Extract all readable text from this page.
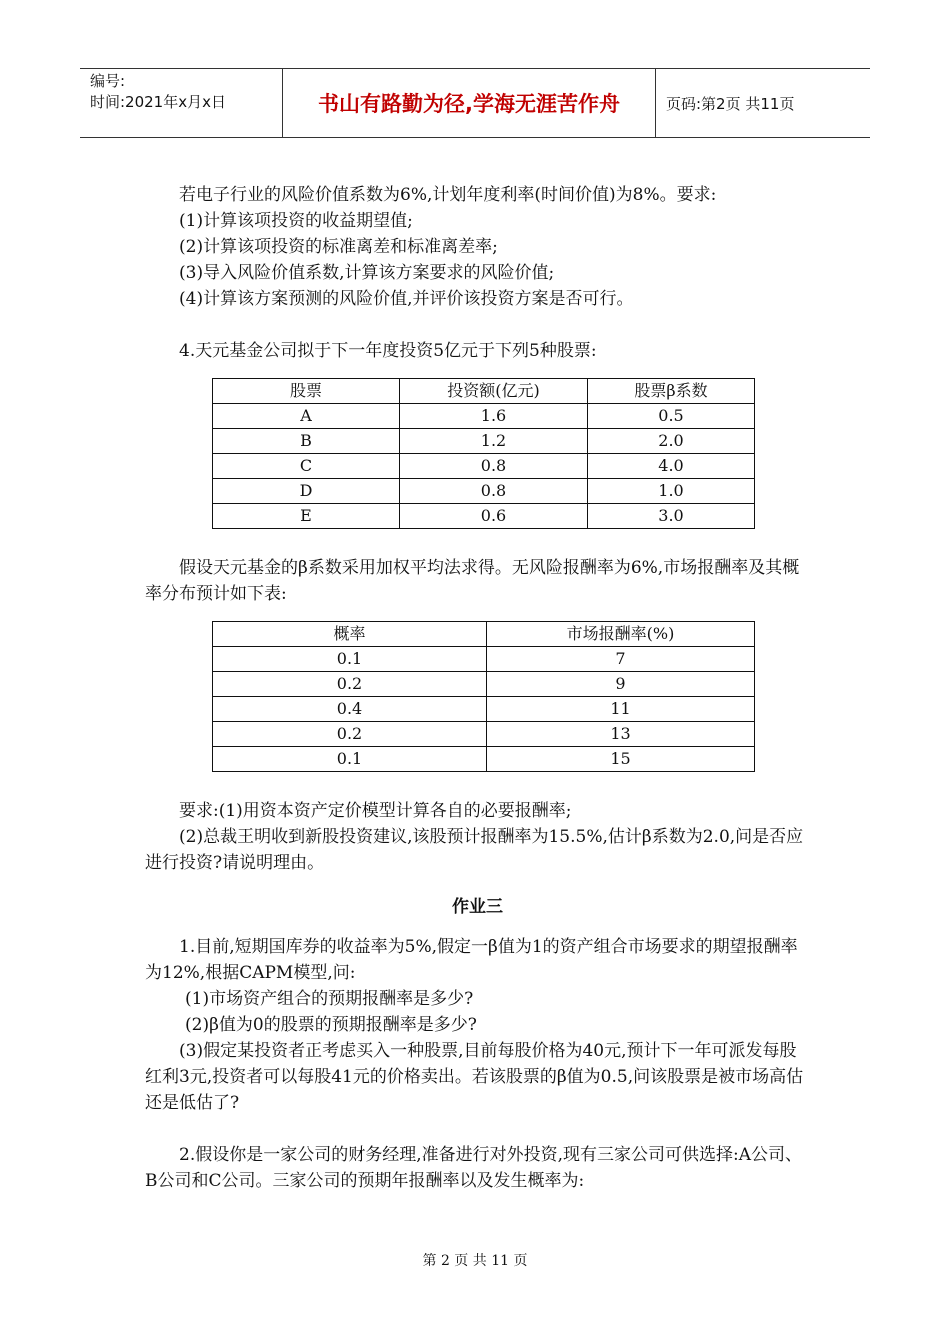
编号:
时间:2021年x月x日	书山有路勤为径,学海无涯苦作舟	页码:第2页 共11页

若电子行业的风险价值系数为6%,计划年度利率(时间价值)为8%。要求:

(1)计算该项投资的收益期望值;

(2)计算该项投资的标准离差和标准离差率;

(3)导入风险价值系数,计算该方案要求的风险价值;

(4)计算该方案预测的风险价值,并评价该投资方案是否可行。

4.天元基金公司拟于下一年度投资5亿元于下列5种股票:

股票	投资额(亿元)	股票β系数
A	1.6	0.5
B	1.2	2.0
C	0.8	4.0
D	0.8	1.0
E	0.6	3.0

假设天元基金的β系数采用加权平均法求得。无风险报酬率为6%,市场报酬率及其概率分布预计如下表:

概率	市场报酬率(%)
0.1	7
0.2	9
0.4	11
0.2	13
0.1	15

要求:(1)用资本资产定价模型计算各自的必要报酬率;

(2)总裁王明收到新股投资建议,该股预计报酬率为15.5%,估计β系数为2.0,问是否应进行投资?请说明理由。

作业三

1.目前,短期国库券的收益率为5%,假定一β值为1的资产组合市场要求的期望报酬率为12%,根据CAPM模型,问:

(1)市场资产组合的预期报酬率是多少?

(2)β值为0的股票的预期报酬率是多少?

(3)假定某投资者正考虑买入一种股票,目前每股价格为40元,预计下一年可派发每股红利3元,投资者可以每股41元的价格卖出。若该股票的β值为0.5,问该股票是被市场高估还是低估了?

2.假设你是一家公司的财务经理,准备进行对外投资,现有三家公司可供选择:A公司、B公司和C公司。三家公司的预期年报酬率以及发生概率为:

第 2 页 共 11 页
